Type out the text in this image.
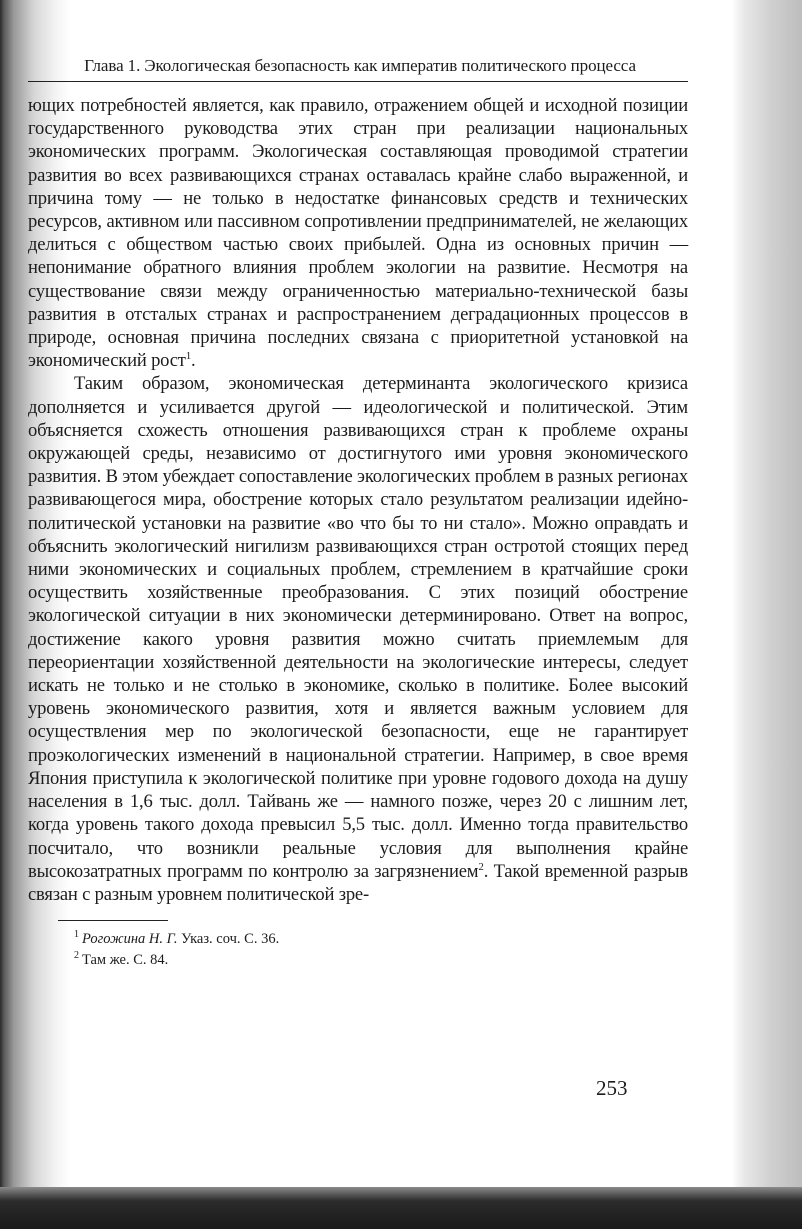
Глава 1. Экологическая безопасность как императив политического процесса

ющих потребностей является, как правило, отражением общей и исходной позиции государственного руководства этих стран при реализации национальных экономических программ. Экологическая составляющая проводимой стратегии развития во всех развивающихся странах оставалась крайне слабо выраженной, и причина тому — не только в недостатке финансовых средств и технических ресурсов, активном или пассивном сопротивлении предпринимателей, не желающих делиться с обществом частью своих прибылей. Одна из основных причин — непонимание обратного влияния проблем экологии на развитие. Несмотря на существование связи между ограниченностью материально-технической базы развития в отсталых странах и распространением деградационных процессов в природе, основная причина последних связана с приоритетной установкой на экономический рост$^1$.

Таким образом, экономическая детерминанта экологического кризиса дополняется и усиливается другой — идеологической и политической. Этим объясняется схожесть отношения развивающихся стран к проблеме охраны окружающей среды, независимо от достигнутого ими уровня экономического развития. В этом убеждает сопоставление экологических проблем в разных регионах развивающегося мира, обострение которых стало результатом реализации идейно-политической установки на развитие «во что бы то ни стало». Можно оправдать и объяснить экологический нигилизм развивающихся стран остротой стоящих перед ними экономических и социальных проблем, стремлением в кратчайшие сроки осуществить хозяйственные преобразования. С этих позиций обострение экологической ситуации в них экономически детерминировано. Ответ на вопрос, достижение какого уровня развития можно считать приемлемым для переориентации хозяйственной деятельности на экологические интересы, следует искать не только и не столько в экономике, сколько в политике. Более высокий уровень экономического развития, хотя и является важным условием для осуществления мер по экологической безопасности, еще не гарантирует проэкологических изменений в национальной стратегии. Например, в свое время Япония приступила к экологической политике при уровне годового дохода на душу населения в 1,6 тыс. долл. Тайвань же — намного позже, через 20 с лишним лет, когда уровень такого дохода превысил 5,5 тыс. долл. Именно тогда правительство посчитало, что возникли реальные условия для выполнения крайне высокозатратных программ по контролю за загрязнением$^2$. Такой временной разрыв связан с разным уровнем политической зре-

$^1$ Рогожина Н. Г. Указ. соч. С. 36.
$^2$ Там же. С. 84.
253
